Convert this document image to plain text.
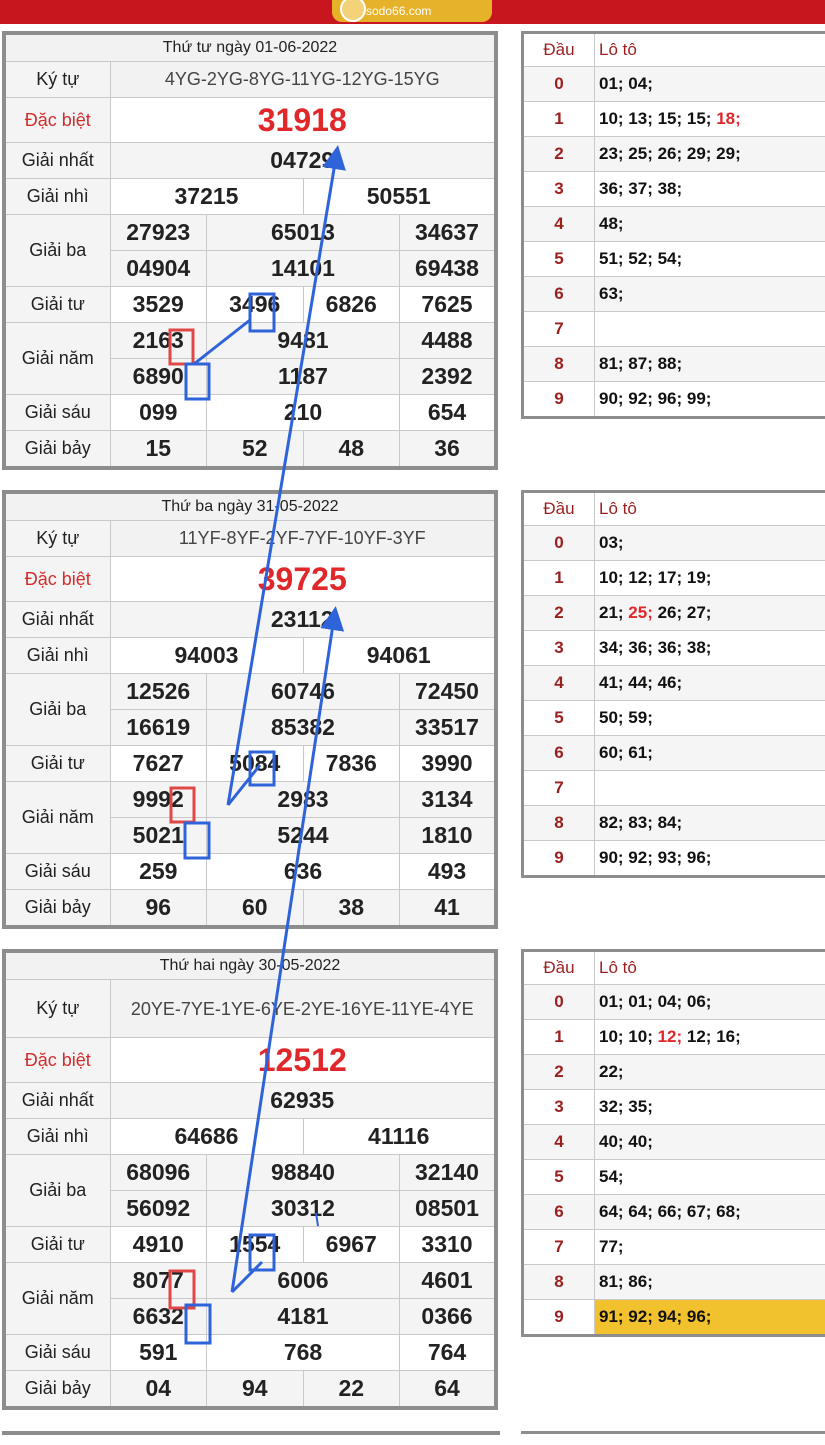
sodo66.com
Thứ tư ngày 01-06-2022				
Ký tự	4YG-2YG-8YG-11YG-12YG-15YG			
Đặc biệt	31918			
Giải nhất	04729			
Giải nhì	37215		50551	
Giải ba	27923	65013		34637
	04904	14101		69438
Giải tư	3529	3496	6826	7625
Giải năm	2163	9481		4488
	6890	1187		2392
Giải sáu	099	210		654
Giải bảy	15	52	48	36
Đầu	Lô tô
0	01; 04;
1	10; 13; 15; 15; 18;
2	23; 25; 26; 29; 29;
3	36; 37; 38;
4	48;
5	51; 52; 54;
6	63;
7	
8	81; 87; 88;
9	90; 92; 96; 99;
Thứ ba ngày 31-05-2022				
Ký tự	11YF-8YF-2YF-7YF-10YF-3YF			
Đặc biệt	39725			
Giải nhất	23112			
Giải nhì	94003		94061	
Giải ba	12526	60746		72450
	16619	85382		33517
Giải tư	7627	5084	7836	3990
Giải năm	9992	2983		3134
	5021	5244		1810
Giải sáu	259	636		493
Giải bảy	96	60	38	41
Đầu	Lô tô
0	03;
1	10; 12; 17; 19;
2	21; 25; 26; 27;
3	34; 36; 36; 38;
4	41; 44; 46;
5	50; 59;
6	60; 61;
7	
8	82; 83; 84;
9	90; 92; 93; 96;
Thứ hai ngày 30-05-2022				
Ký tự	20YE-7YE-1YE-6YE-2YE-16YE-11YE-4YE			
Đặc biệt	12512			
Giải nhất	62935			
Giải nhì	64686		41116	
Giải ba	68096	98840		32140
	56092	30312		08501
Giải tư	4910	1554	6967	3310
Giải năm	8077	6006		4601
	6632	4181		0366
Giải sáu	591	768		764
Giải bảy	04	94	22	64
Đầu	Lô tô
0	01; 01; 04; 06;
1	10; 10; 12; 12; 16;
2	22;
3	32; 35;
4	40; 40;
5	54;
6	64; 64; 66; 67; 68;
7	77;
8	81; 86;
9	91; 92; 94; 96;
